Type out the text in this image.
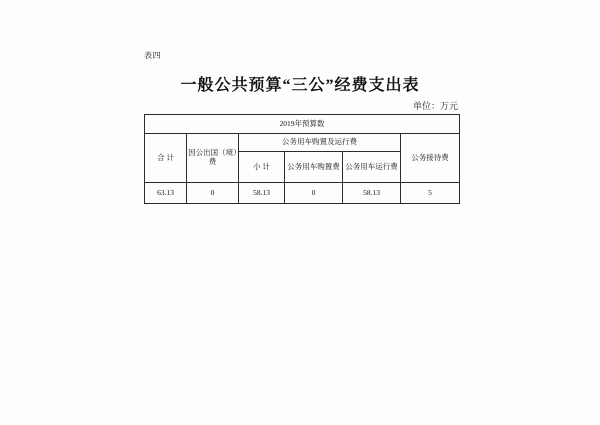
表四
一般公共预算“三公”经费支出表
单位：万元
2019年预算数					
合 计	因公出国（境）费	公务用车购置及运行费			公务接待费
		小 计	公务用车购置费	公务用车运行费	
63.13	0	58.13	0	58.13	5
